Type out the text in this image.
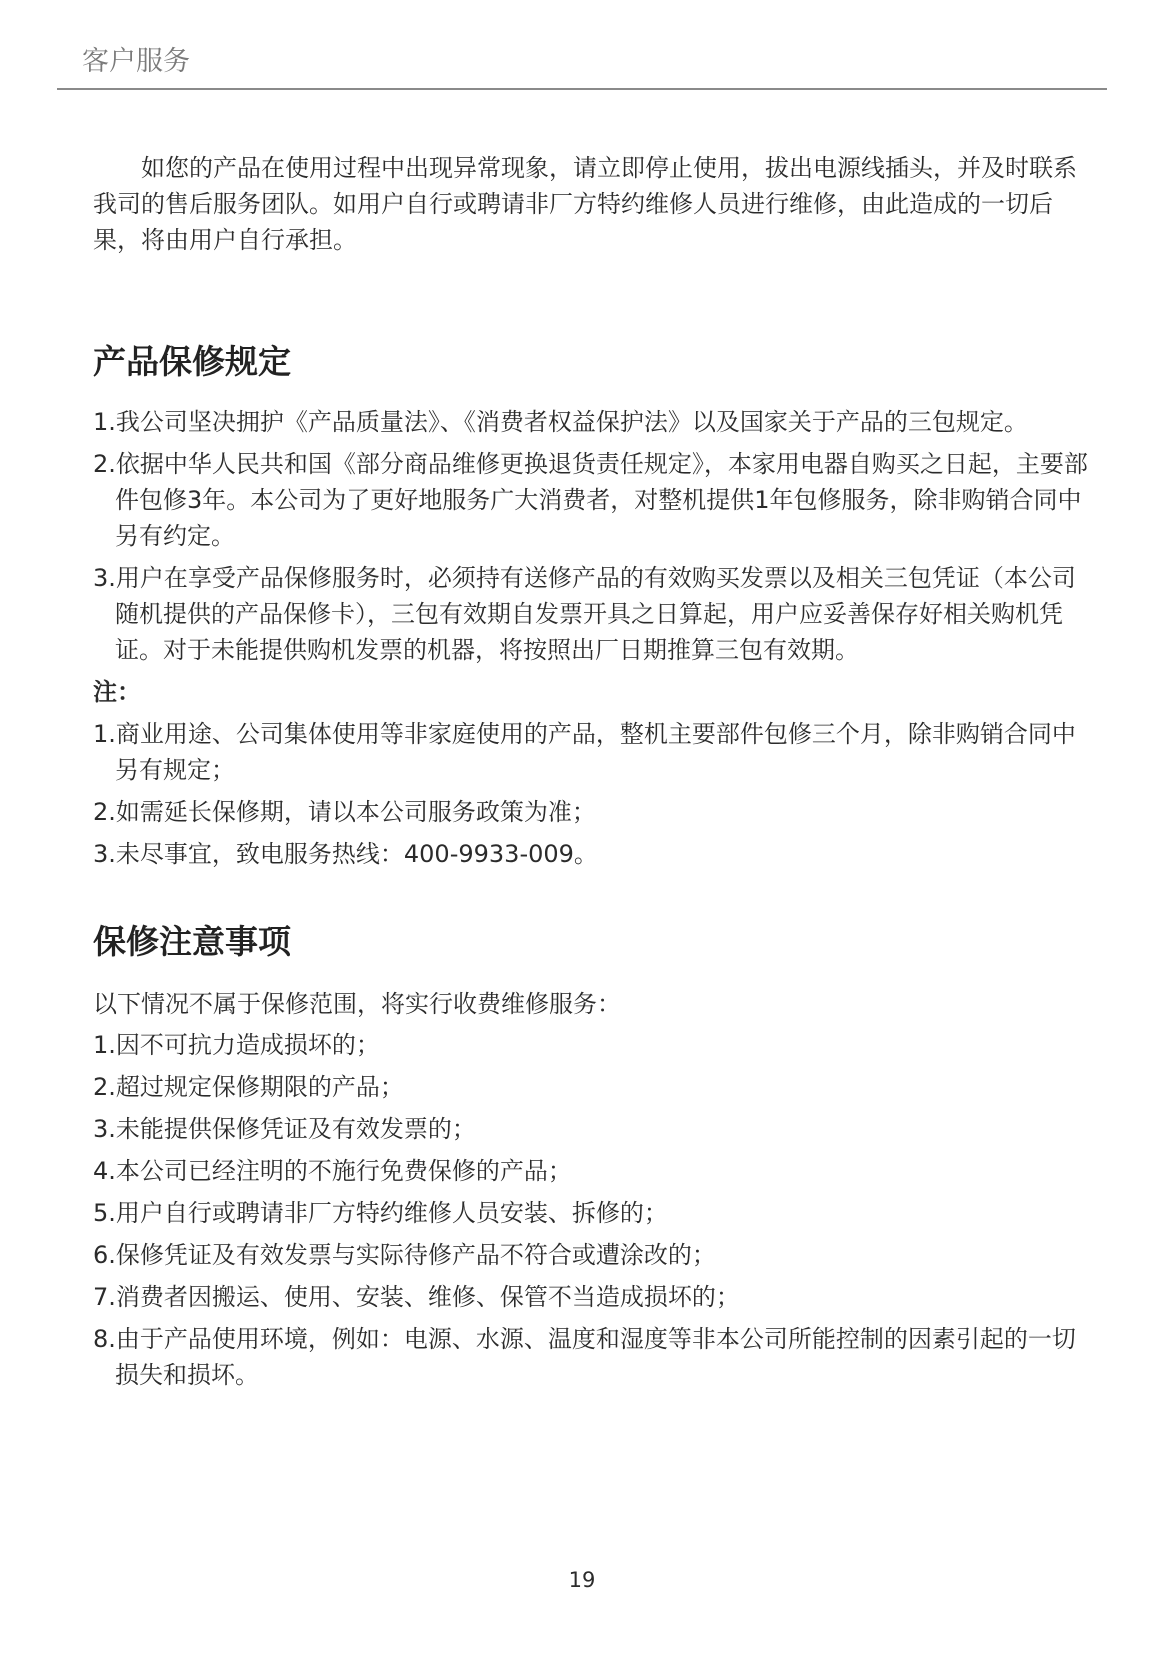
客户服务

如您的产品在使用过程中出现异常现象，请立即停止使用，拔出电源线插头，并及时联系我司的售后服务团队。如用户自行或聘请非厂方特约维修人员进行维修，由此造成的一切后果，将由用户自行承担。

产品保修规定
1.我公司坚决拥护《产品质量法》、《消费者权益保护法》以及国家关于产品的三包规定。
2.依据中华人民共和国《部分商品维修更换退货责任规定》，本家用电器自购买之日起，主要部件包修3年。本公司为了更好地服务广大消费者，对整机提供1年包修服务，除非购销合同中另有约定。
3.用户在享受产品保修服务时，必须持有送修产品的有效购买发票以及相关三包凭证（本公司随机提供的产品保修卡），三包有效期自发票开具之日算起，用户应妥善保存好相关购机凭证。对于未能提供购机发票的机器，将按照出厂日期推算三包有效期。
注：
1.商业用途、公司集体使用等非家庭使用的产品，整机主要部件包修三个月，除非购销合同中另有规定；
2.如需延长保修期，请以本公司服务政策为准；
3.未尽事宜，致电服务热线：400-9933-009。
保修注意事项

以下情况不属于保修范围，将实行收费维修服务：

1.因不可抗力造成损坏的；
2.超过规定保修期限的产品；
3.未能提供保修凭证及有效发票的；
4.本公司已经注明的不施行免费保修的产品；
5.用户自行或聘请非厂方特约维修人员安装、拆修的；
6.保修凭证及有效发票与实际待修产品不符合或遭涂改的；
7.消费者因搬运、使用、安装、维修、保管不当造成损坏的；
8.由于产品使用环境，例如：电源、水源、温度和湿度等非本公司所能控制的因素引起的一切损失和损坏。
19
